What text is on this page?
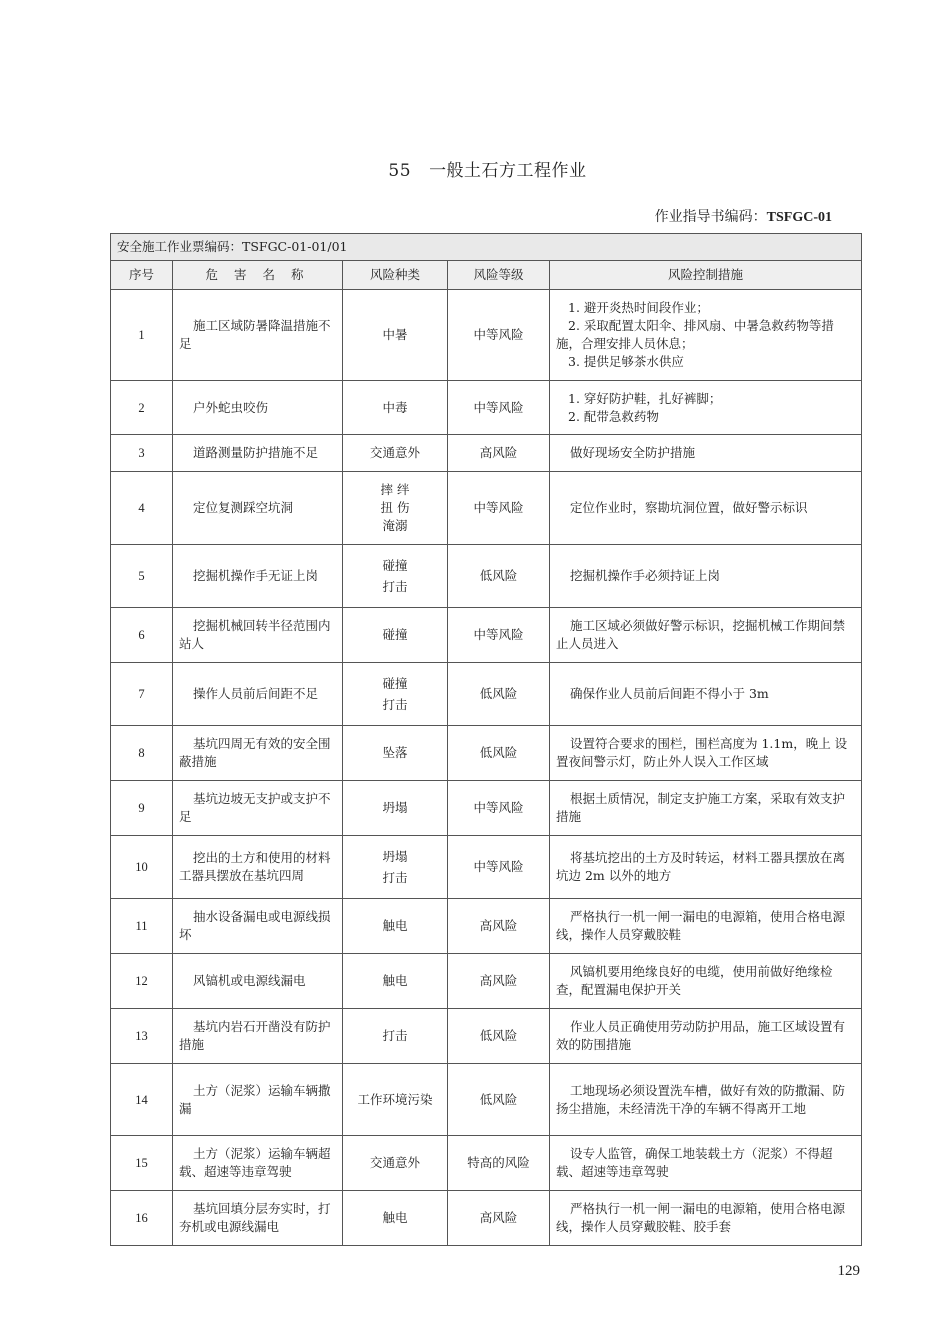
55 一般土石方工程作业
作业指导书编码：TSFGC-01
安全施工作业票编码：TSFGC-01-01/01				
序号	危 害 名 称	风险种类	风险等级	风险控制措施
1	施工区域防暑降温措施不足	中暑	中等风险	1. 避开炎热时间段作业；
2. 采取配置太阳伞、排风扇、中暑急救药物等措施，合理安排人员休息；
3. 提供足够茶水供应

2	户外蛇虫咬伤	中毒	中等风险	1. 穿好防护鞋，扎好裤脚；
2. 配带急救药物

3	道路测量防护措施不足	交通意外	高风险	做好现场安全防护措施

4	定位复测踩空坑洞	摔 绊
扭 伤
淹溺	中等风险	定位作业时，察勘坑洞位置，做好警示标识

5	挖掘机操作手无证上岗	碰撞
打击	低风险	挖掘机操作手必须持证上岗

6	挖掘机械回转半径范围内站人	碰撞	中等风险	施工区域必须做好警示标识，挖掘机械工作期间禁止人员进入

7	操作人员前后间距不足	碰撞
打击	低风险	确保作业人员前后间距不得小于 3m

8	基坑四周无有效的安全围蔽措施	坠落	低风险	设置符合要求的围栏，围栏高度为 1.1m，晚上 设置夜间警示灯，防止外人误入工作区域

9	基坑边坡无支护或支护不足	坍塌	中等风险	根据土质情况，制定支护施工方案，采取有效支护措施

10	挖出的土方和使用的材料工器具摆放在基坑四周	坍塌
打击	中等风险	将基坑挖出的土方及时转运，材料工器具摆放在离坑边 2m 以外的地方

11	抽水设备漏电或电源线损坏	触电	高风险	严格执行一机一闸一漏电的电源箱，使用合格电源线，操作人员穿戴胶鞋

12	风镐机或电源线漏电	触电	高风险	风镐机要用绝缘良好的电缆，使用前做好绝缘检查，配置漏电保护开关

13	基坑内岩石开凿没有防护措施	打击	低风险	作业人员正确使用劳动防护用品，施工区域设置有效的防围措施

14	土方（泥浆）运输车辆撒漏	工作环境污染	低风险	工地现场必须设置洗车槽，做好有效的防撒漏、防扬尘措施，未经清洗干净的车辆不得离开工地

15	土方（泥浆）运输车辆超载、超速等违章驾驶	交通意外	特高的风险	设专人监管，确保工地装载土方（泥浆）不得超载、超速等违章驾驶

16	基坑回填分层夯实时，打夯机或电源线漏电	触电	高风险	严格执行一机一闸一漏电的电源箱，使用合格电源线，操作人员穿戴胶鞋、胶手套
129
